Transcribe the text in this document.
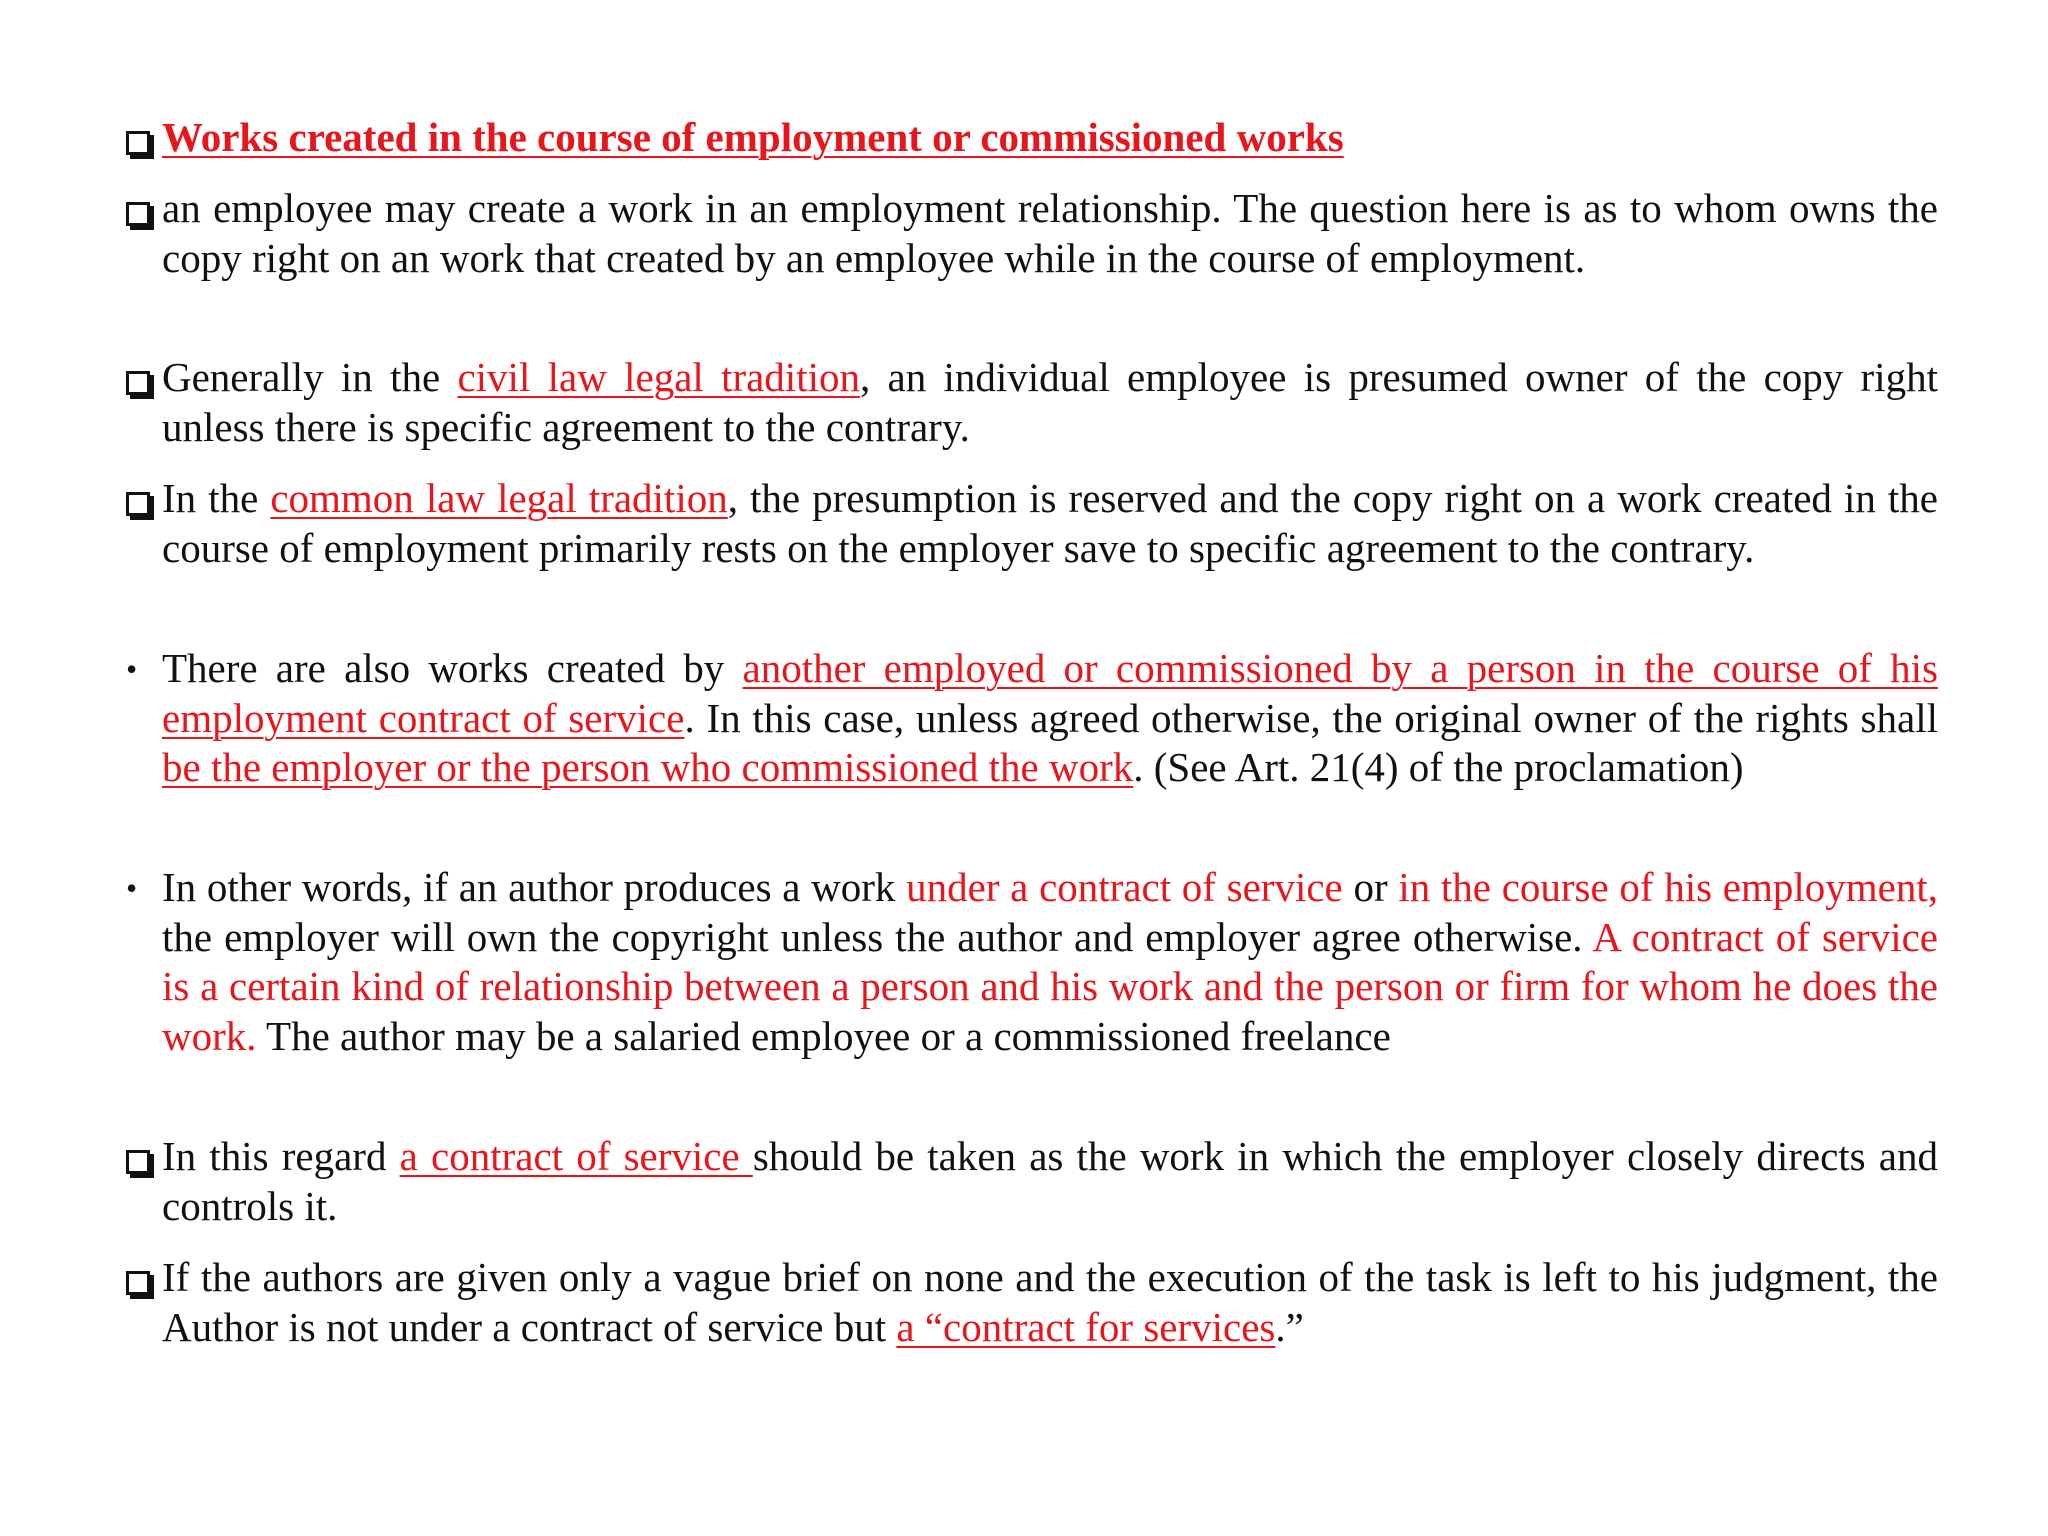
Works created in the course of employment or commissioned works
an employee may create a work in an employment relationship. The question here is as to whom owns the copy right on an work that created by an employee while in the course of employment.
Generally in the civil law legal tradition, an individual employee is presumed owner of the copy right unless there is specific agreement to the contrary.
In the common law legal tradition, the presumption is reserved and the copy right on a work created in the course of employment primarily rests on the employer save to specific agreement to the contrary.
• There are also works created by another employed or commissioned by a person in the course of his employment contract of service. In this case, unless agreed otherwise, the original owner of the rights shall be the employer or the person who commissioned the work. (See Art. 21(4) of the proclamation)
• In other words, if an author produces a work under a contract of service or in the course of his employment, the employer will own the copyright unless the author and employer agree otherwise. A contract of service is a certain kind of relationship between a person and his work and the person or firm for whom he does the work. The author may be a salaried employee or a commissioned freelance
In this regard a contract of service should be taken as the work in which the employer closely directs and controls it.
If the authors are given only a vague brief on none and the execution of the task is left to his judgment, the Author is not under a contract of service but a “contract for services.”
